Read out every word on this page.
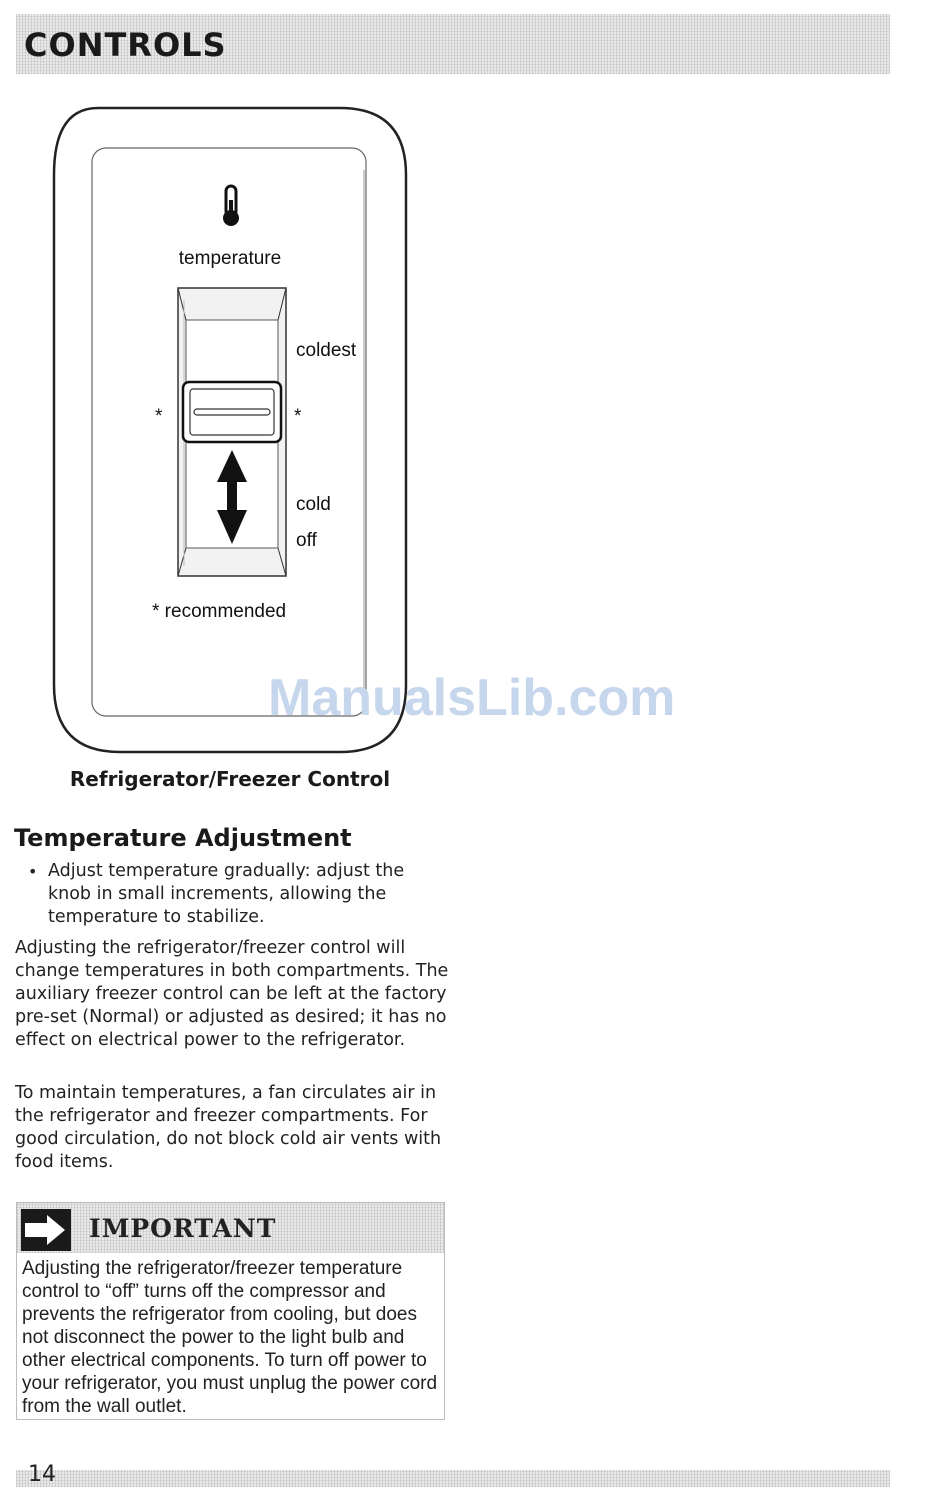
CONTROLS
temperature
*	*
coldest
cold
off
* recommended
Refrigerator/Freezer Control
ManualsLib.com
Temperature Adjustment
• Adjust temperature gradually: adjust the knob in small increments, allowing the temperature to stabilize.

Adjusting the refrigerator/freezer control will change temperatures in both compartments. The auxiliary freezer control can be left at the factory pre-set (Normal) or adjusted as desired; it has no effect on electrical power to the refrigerator.

To maintain temperatures, a fan circulates air in the refrigerator and freezer compartments. For good circulation, do not block cold air vents with food items.

IMPORTANT

Adjusting the refrigerator/freezer temperature control to “off” turns off the compressor and prevents the refrigerator from cooling, but does not disconnect the power to the light bulb and other electrical components. To turn off power to your refrigerator, you must unplug the power cord from the wall outlet.

14
